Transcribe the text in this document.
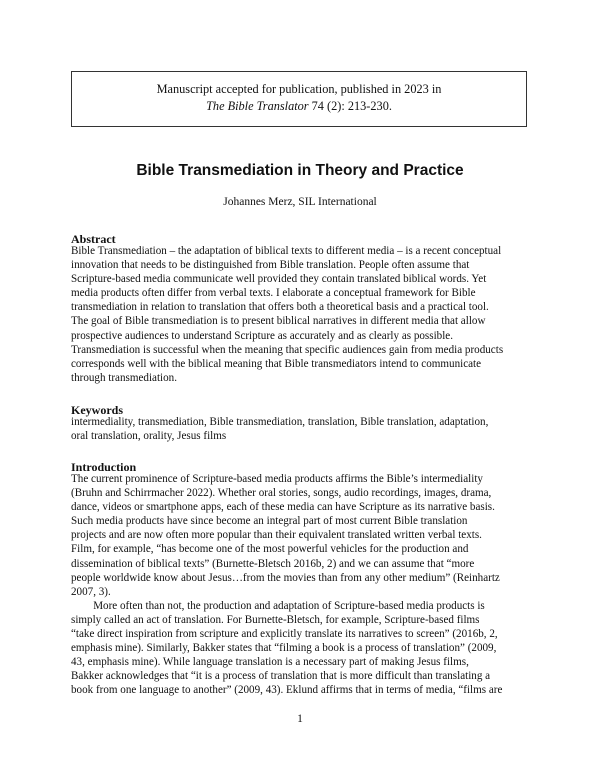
Manuscript accepted for publication, published in 2023 in
The Bible Translator 74 (2): 213-230.
Bible Transmediation in Theory and Practice
Johannes Merz, SIL International
Abstract
Bible Transmediation – the adaptation of biblical texts to different media – is a recent conceptual
innovation that needs to be distinguished from Bible translation. People often assume that
Scripture-based media communicate well provided they contain translated biblical words. Yet
media products often differ from verbal texts. I elaborate a conceptual framework for Bible
transmediation in relation to translation that offers both a theoretical basis and a practical tool.
The goal of Bible transmediation is to present biblical narratives in different media that allow
prospective audiences to understand Scripture as accurately and as clearly as possible.
Transmediation is successful when the meaning that specific audiences gain from media products
corresponds well with the biblical meaning that Bible transmediators intend to communicate
through transmediation.
Keywords
intermediality, transmediation, Bible transmediation, translation, Bible translation, adaptation,
oral translation, orality, Jesus films
Introduction
The current prominence of Scripture-based media products affirms the Bible’s intermediality
(Bruhn and Schirrmacher 2022). Whether oral stories, songs, audio recordings, images, drama,
dance, videos or smartphone apps, each of these media can have Scripture as its narrative basis.
Such media products have since become an integral part of most current Bible translation
projects and are now often more popular than their equivalent translated written verbal texts.
Film, for example, “has become one of the most powerful vehicles for the production and
dissemination of biblical texts” (Burnette-Bletsch 2016b, 2) and we can assume that “more
people worldwide know about Jesus…from the movies than from any other medium” (Reinhartz
2007, 3).
More often than not, the production and adaptation of Scripture-based media products is
simply called an act of translation. For Burnette-Bletsch, for example, Scripture-based films
“take direct inspiration from scripture and explicitly translate its narratives to screen” (2016b, 2,
emphasis mine). Similarly, Bakker states that “filming a book is a process of translation” (2009,
43, emphasis mine). While language translation is a necessary part of making Jesus films,
Bakker acknowledges that “it is a process of translation that is more difficult than translating a
book from one language to another” (2009, 43). Eklund affirms that in terms of media, “films are
1
